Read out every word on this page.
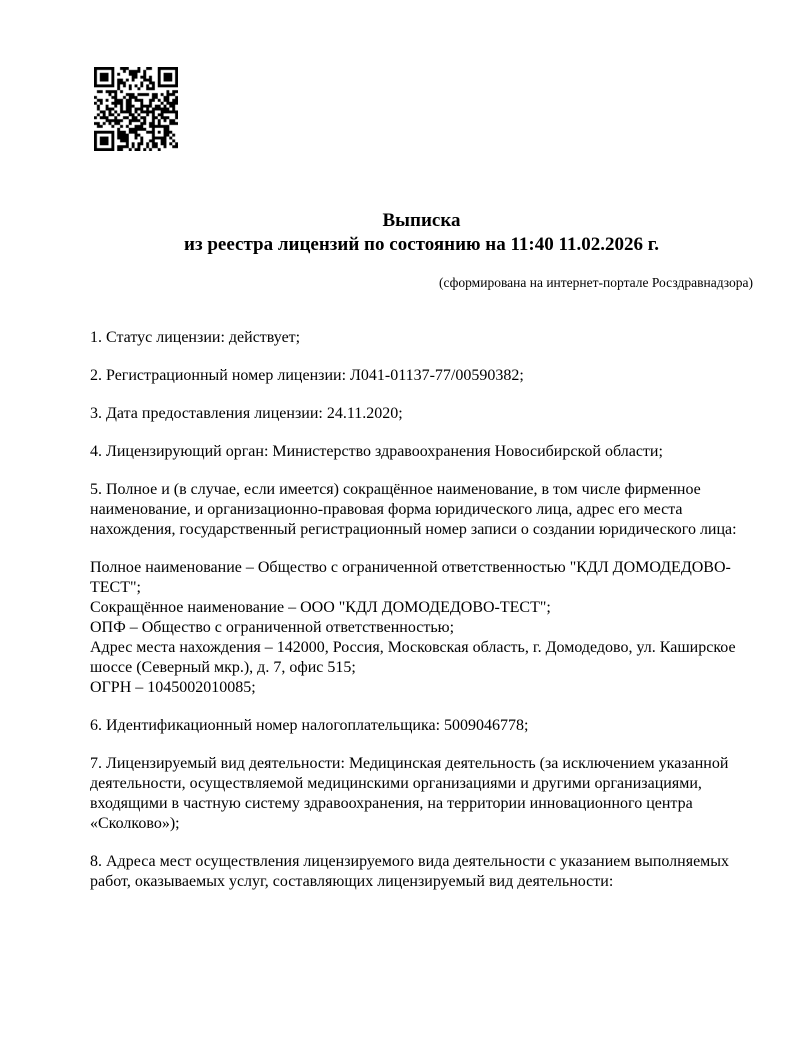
Выписка
из реестра лицензий по состоянию на 11:40 11.02.2026 г.
(сформирована на интернет-портале Росздравнадзора)

1. Статус лицензии: действует;

2. Регистрационный номер лицензии: Л041-01137-77/00590382;

3. Дата предоставления лицензии: 24.11.2020;

4. Лицензирующий орган: Министерство здравоохранения Новосибирской области;

5. Полное и (в случае, если имеется) сокращённое наименование, в том числе фирменное наименование, и организационно-правовая форма юридического лица, адрес его места нахождения, государственный регистрационный номер записи о создании юридического лица:

Полное наименование – Общество с ограниченной ответственностью "КДЛ ДОМОДЕДОВО-ТЕСТ";

Сокращённое наименование – ООО "КДЛ ДОМОДЕДОВО-ТЕСТ";

ОПФ – Общество с ограниченной ответственностью;

Адрес места нахождения – 142000, Россия, Московская область, г. Домодедово, ул. Каширское шоссе (Северный мкр.), д. 7, офис 515;

ОГРН – 1045002010085;

6. Идентификационный номер налогоплательщика: 5009046778;

7. Лицензируемый вид деятельности: Медицинская деятельность (за исключением указанной деятельности, осуществляемой медицинскими организациями и другими организациями, входящими в частную систему здравоохранения, на территории инновационного центра «Сколково»);

8. Адреса мест осуществления лицензируемого вида деятельности с указанием выполняемых работ, оказываемых услуг, составляющих лицензируемый вид деятельности:
